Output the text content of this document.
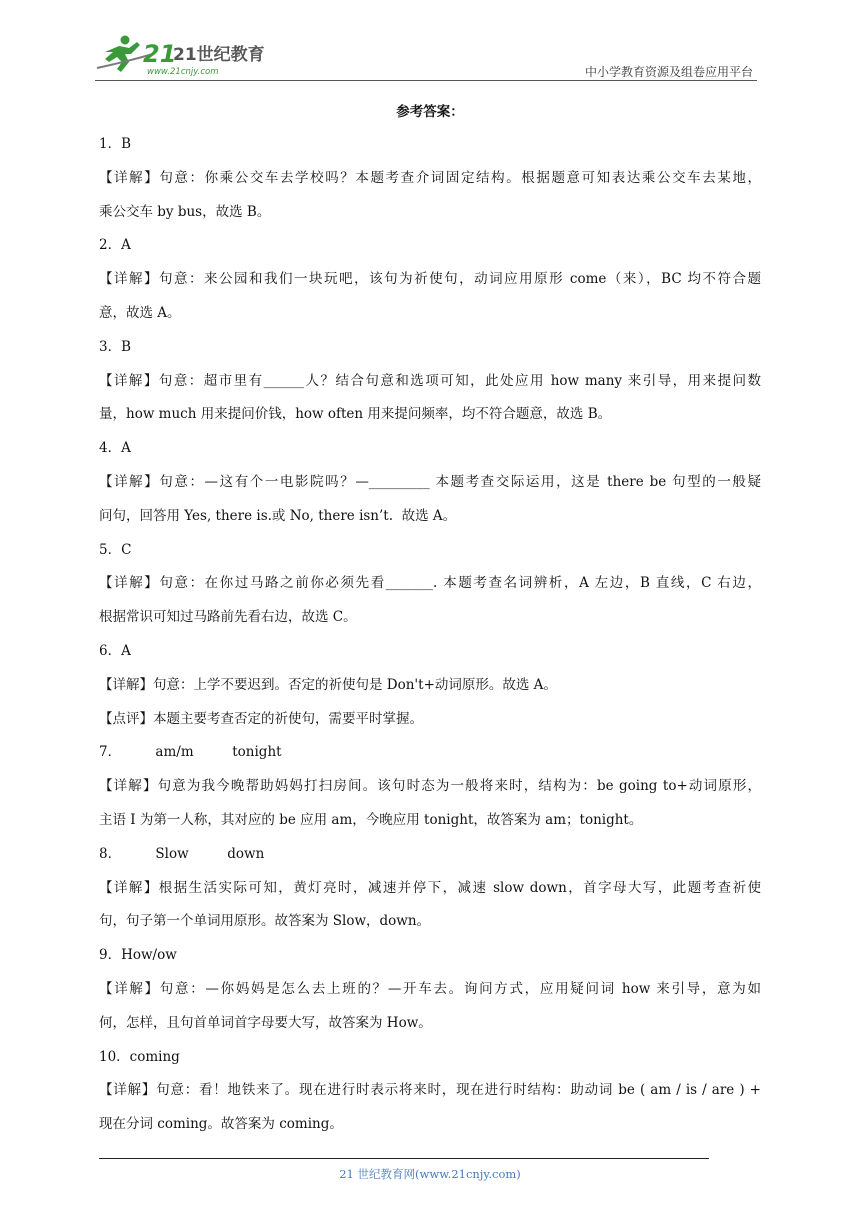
21
21世纪教育
www.21cnjy.com	中小学教育资源及组卷应用平台
参考答案：
1．B
【详解】句意：你乘公交车去学校吗？本题考查介词固定结构。根据题意可知表达乘公交车去某地，
乘公交车 by bus，故选 B。
2．A
【详解】句意：来公园和我们一块玩吧，该句为祈使句，动词应用原形 come（来），BC 均不符合题
意，故选 A。
3．B
【详解】句意：超市里有______人？结合句意和选项可知，此处应用 how many 来引导，用来提问数
量，how much 用来提问价钱，how often 用来提问频率，均不符合题意，故选 B。
4．A
【详解】句意：—这有个一电影院吗？—_________ 本题考查交际运用，这是 there be 句型的一般疑
问句，回答用 Yes, there is.或 No, there isn’t.  故选 A。
5．C
【详解】句意：在你过马路之前你必须先看_______. 本题考查名词辨析，A 左边，B 直线，C 右边，
根据常识可知过马路前先看右边，故选 C。
6．A
【详解】句意：上学不要迟到。否定的祈使句是 Don't+动词原形。故选 A。
【点评】本题主要考查否定的祈使句，需要平时掌握。
7．        am/m         tonight
【详解】句意为我今晚帮助妈妈打扫房间。该句时态为一般将来时，结构为：be going to+动词原形，
主语 I 为第一人称，其对应的 be 应用 am，今晚应用 tonight，故答案为 am；tonight。
8．        Slow         down
【详解】根据生活实际可知，黄灯亮时，减速并停下，减速 slow down，首字母大写，此题考查祈使
句，句子第一个单词用原形。故答案为 Slow，down。
9．How/ow
【详解】句意：—你妈妈是怎么去上班的？—开车去。询问方式，应用疑问词 how 来引导，意为如
何，怎样，且句首单词首字母要大写，故答案为 How。
10．coming
【详解】句意：看！地铁来了。现在进行时表示将来时，现在进行时结构：助动词 be ( am / is / are ) +
现在分词 coming。故答案为 coming。
21 世纪教育网(www.21cnjy.com)
